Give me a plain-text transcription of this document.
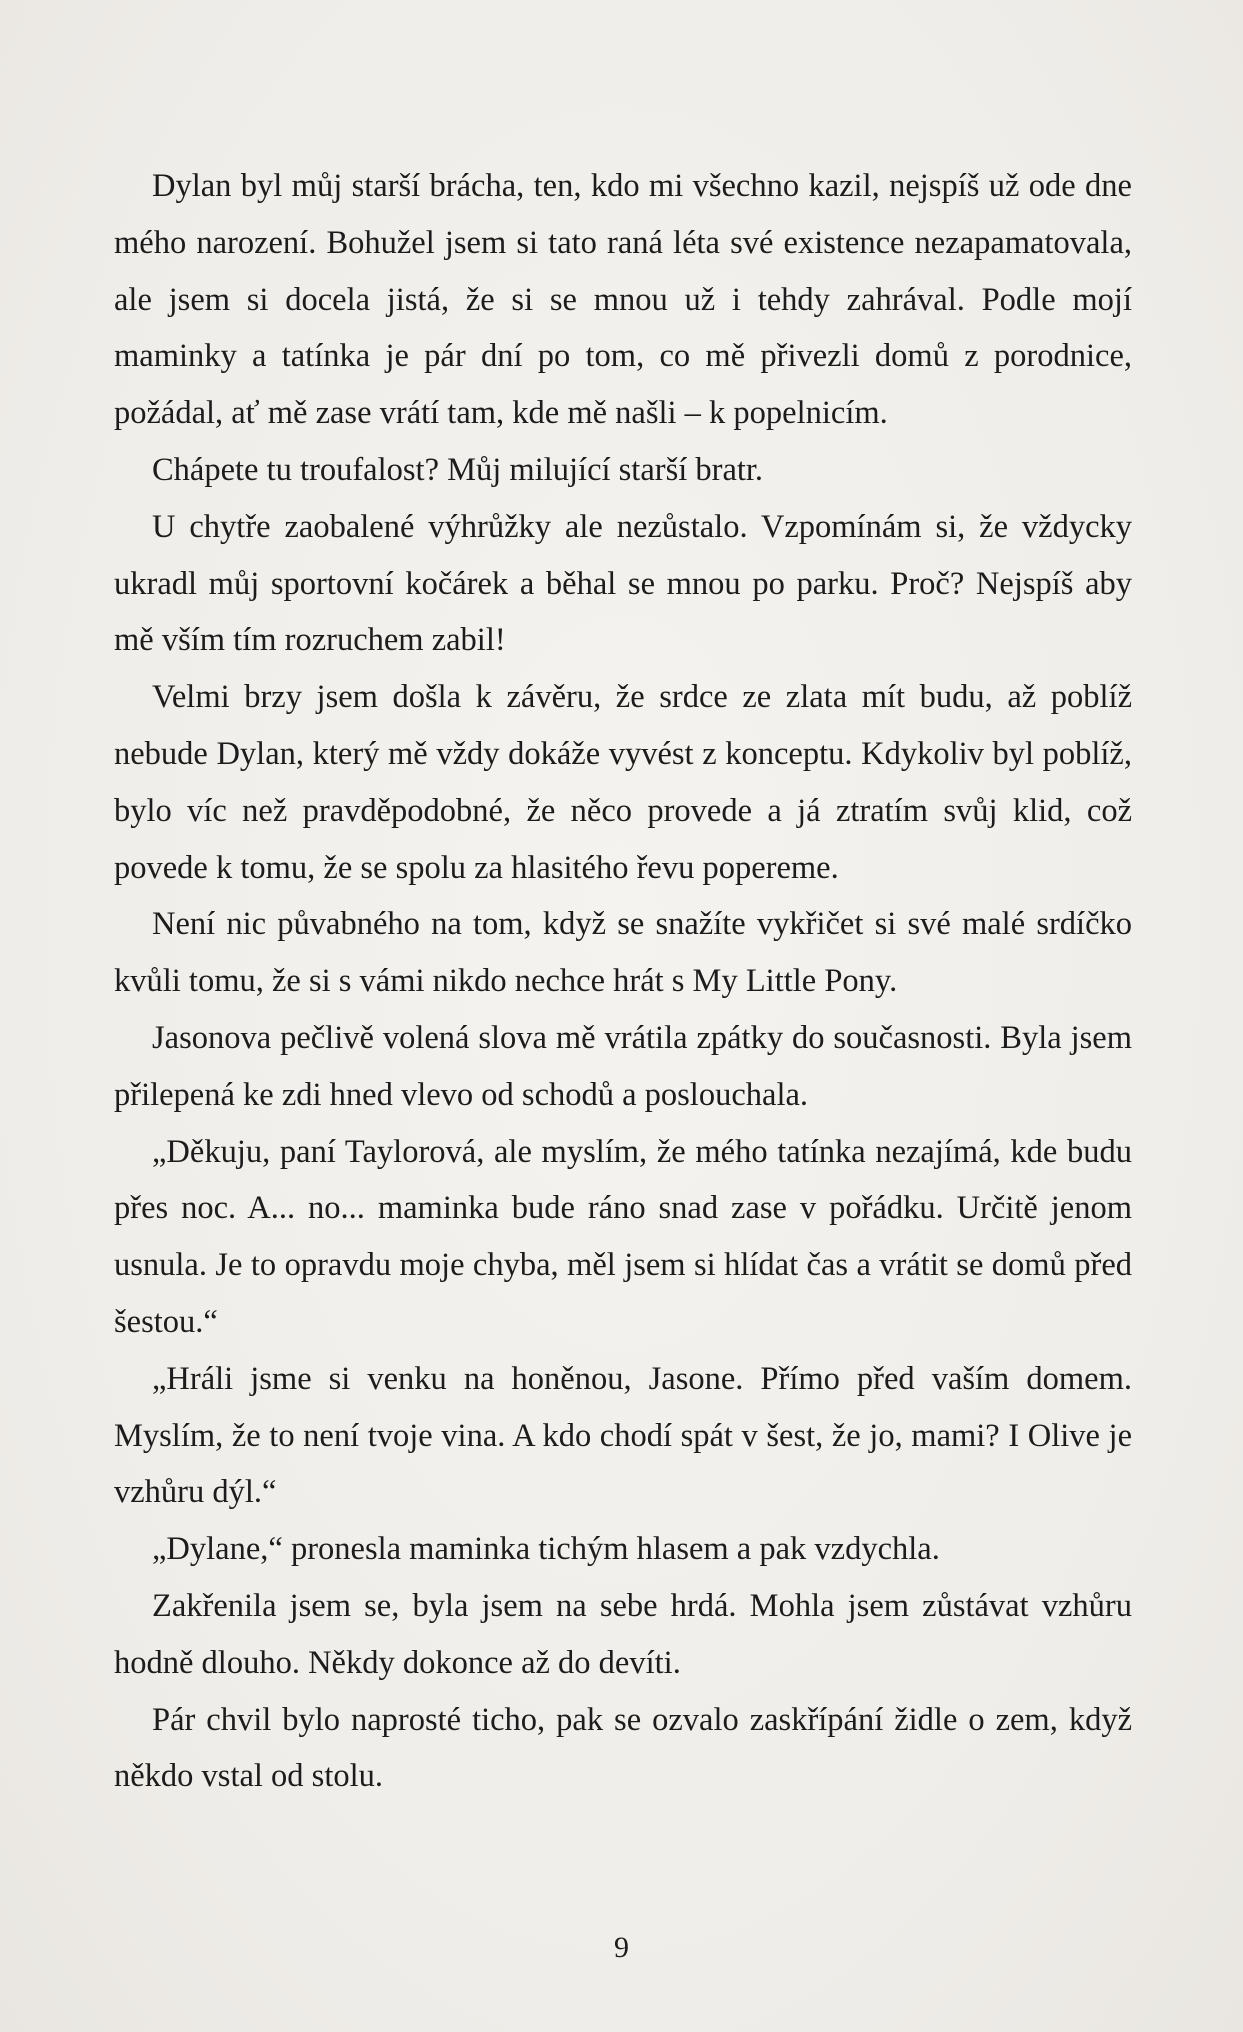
Dylan byl můj starší brácha, ten, kdo mi všechno kazil, nejspíš už ode dne mého narození. Bohužel jsem si tato raná léta své existence nezapamatovala, ale jsem si docela jistá, že si se mnou už i tehdy zahrával. Podle mojí maminky a tatínka je pár dní po tom, co mě přivezli domů z porodnice, požádal, ať mě zase vrátí tam, kde mě našli – k popelnicím.

Chápete tu troufalost? Můj milující starší bratr.

U chytře zaobalené výhrůžky ale nezůstalo. Vzpomínám si, že vždycky ukradl můj sportovní kočárek a běhal se mnou po parku. Proč? Nejspíš aby mě vším tím rozruchem zabil!

Velmi brzy jsem došla k závěru, že srdce ze zlata mít budu, až poblíž nebude Dylan, který mě vždy dokáže vyvést z konceptu. Kdykoliv byl poblíž, bylo víc než pravděpodobné, že něco provede a já ztratím svůj klid, což povede k tomu, že se spolu za hlasitého řevu popereme.

Není nic půvabného na tom, když se snažíte vykřičet si své malé srdíčko kvůli tomu, že si s vámi nikdo nechce hrát s My Little Pony.

Jasonova pečlivě volená slova mě vrátila zpátky do současnosti. Byla jsem přilepená ke zdi hned vlevo od schodů a poslouchala.

„Děkuju, paní Taylorová, ale myslím, že mého tatínka nezajímá, kde budu přes noc. A... no... maminka bude ráno snad zase v pořádku. Určitě jenom usnula. Je to opravdu moje chyba, měl jsem si hlídat čas a vrátit se domů před šestou.“

„Hráli jsme si venku na honěnou, Jasone. Přímo před vaším domem. Myslím, že to není tvoje vina. A kdo chodí spát v šest, že jo, mami? I Olive je vzhůru dýl.“

„Dylane,“ pronesla maminka tichým hlasem a pak vzdychla.

Zakřenila jsem se, byla jsem na sebe hrdá. Mohla jsem zůstávat vzhůru hodně dlouho. Někdy dokonce až do devíti.

Pár chvil bylo naprosté ticho, pak se ozvalo zaskřípání židle o zem, když někdo vstal od stolu.

9
